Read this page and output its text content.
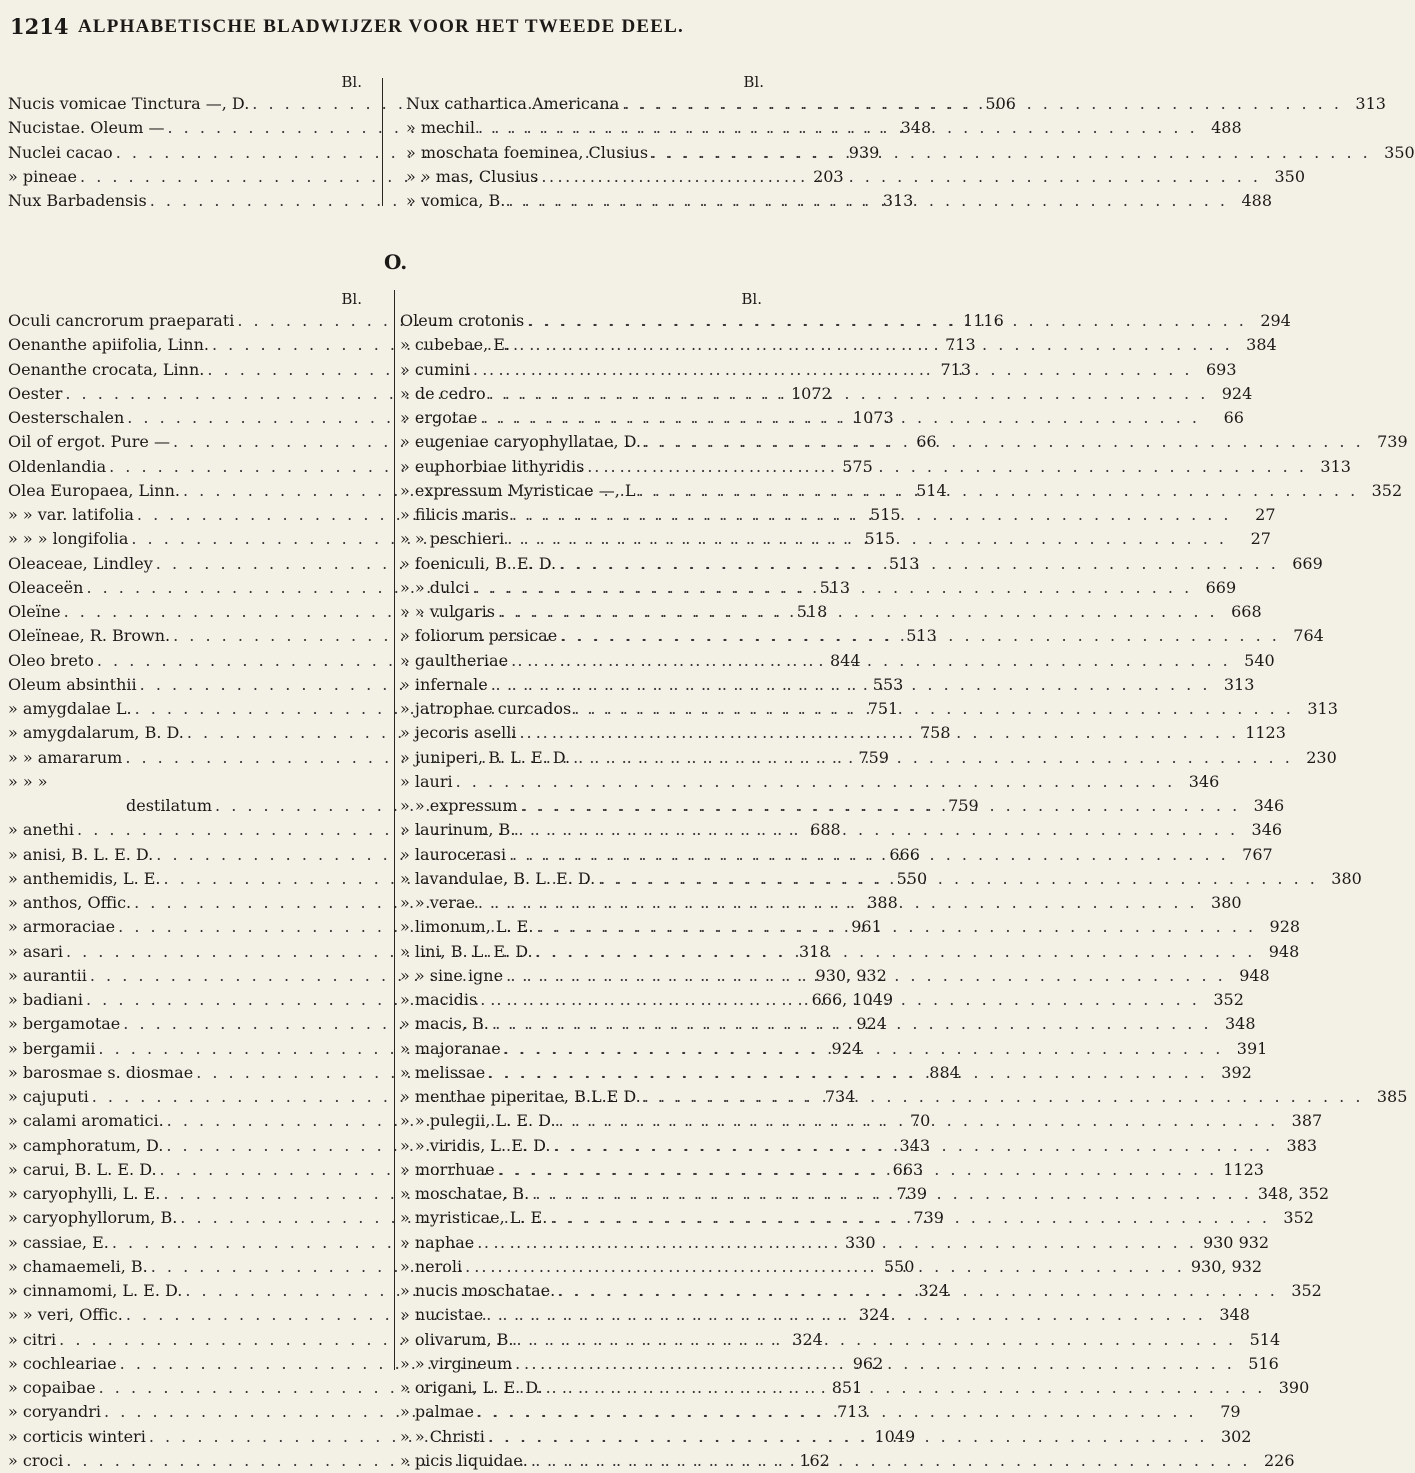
1214 ALPHABETISCHE BLADWIJZER VOOR HET TWEEDE DEEL.
Bl.
Nucis vomicae Tinctura —, D. . . .	506
Nucistae. Oleum — . . .	348
Nuclei cacao . . .	939
» pineae . . .	203
Nux Barbadensis . . .	313
Bl.
Nux cathartica Americana . . .	313
» mechil . . .	488
» moschata foeminea, Clusius . . .	350
» » mas, Clusius . . .	350
» vomica, B. . . .	488
O.
Bl.
Oculi cancrorum praeparati . . .	1116
Oenanthe apiifolia, Linn. . . .	713
Oenanthe crocata, Linn. . . .	713
Oester . . .	1072
Oesterschalen . . .	1073
Oil of ergot. Pure — . . .	66
Oldenlandia . . .	575
Olea Europaea, Linn. . . .	514
» » var. latifolia . . .	515
» » » longifolia . . .	515
Oleaceae, Lindley . . .	513
Oleaceën . . .	513
Oleïne . . .	518
Oleïneae, R. Brown. . . .	513
Oleo breto . . .	844
Oleum absinthii . . .	553
» amygdalae L. . . .	751
» amygdalarum, B. D. . . .	758
» » amararum . . .	759
» » »
destilatum . . .	759
» anethi . . .	688
» anisi, B. L. E. D. . . .	666
» anthemidis, L. E. . . .	550
» anthos, Offic. . . .	388
» armoraciae . . .	961
» asari . . .	318
» aurantii . . .	930, 932
» badiani . . .	666, 1049
» bergamotae . . .	924
» bergamii . . .	924
» barosmae s. diosmae . . .	884
» cajuputi . . .	734
» calami aromatici. . . .	70
» camphoratum, D. . . .	343
» carui, B. L. E. D. . . .	663
» caryophylli, L. E. . . .	739
» caryophyllorum, B. . . .	739
» cassiae, E. . . .	330
» chamaemeli, B. . . .	550
» cinnamomi, L. E. D. . . .	324
» » veri, Offic. . . .	324
» citri . . .	324
» cochleariae . . .	962
» copaibae . . .	851
» coryandri . . .	713
» corticis winteri . . .	1049
» croci . . .	162
Bl.
Oleum crotonis . . .	294
» cubebae, E. . . .	384
» cumini . . .	693
» de cedro . . .	924
» ergotae . . .	66
» eugeniae caryophyllatae, D. . . .	739
» euphorbiae lithyridis . . .	313
» expressum Myristicae —, L . . .	352
» filicis maris . . .	27
» » peschieri . . .	27
» foeniculi, B. E. D. . . .	669
» » dulci . . .	669
» » vulgaris . . .	668
» foliorum persicae . . .	764
» gaultheriae . . .	540
» infernale . . .	313
» jatrophae curcados . . .	313
» jecoris aselli . . .	1123
» juniperi, B. L. E. D. . . .	230
» lauri . . .	346
» » expressum . . .	346
» laurinum, B. . . .	346
» laurocerasi . . .	767
» lavandulae, B. L. E. D. . . .	380
» » verae . . .	380
» limonum, L. E. . . .	928
» lini, B. L. E. D. . . .	948
» » sine igne . . .	948
» macidis . . .	352
» macis, B. . . .	348
» majoranae . . .	391
» melissae . . .	392
» menthae piperitae, B.L.E D. . . .	385
» » pulegii, L. E. D. . . .	387
» » viridis, L. E. D. . . .	383
» morrhuae . . .	1123
» moschatae, B. . . .	348, 352
» myristicae, L. E. . . .	352
» naphae . . .	930 932
» neroli . . .	930, 932
» nucis moschatae. . . .	352
» nucistae . . .	348
» olivarum, B. . . .	514
» » virgineum . . .	516
» origani, L. E. D. . . .	390
» palmae . . .	79
» » Christi . . .	302
» picis liquidae. . . .	226
